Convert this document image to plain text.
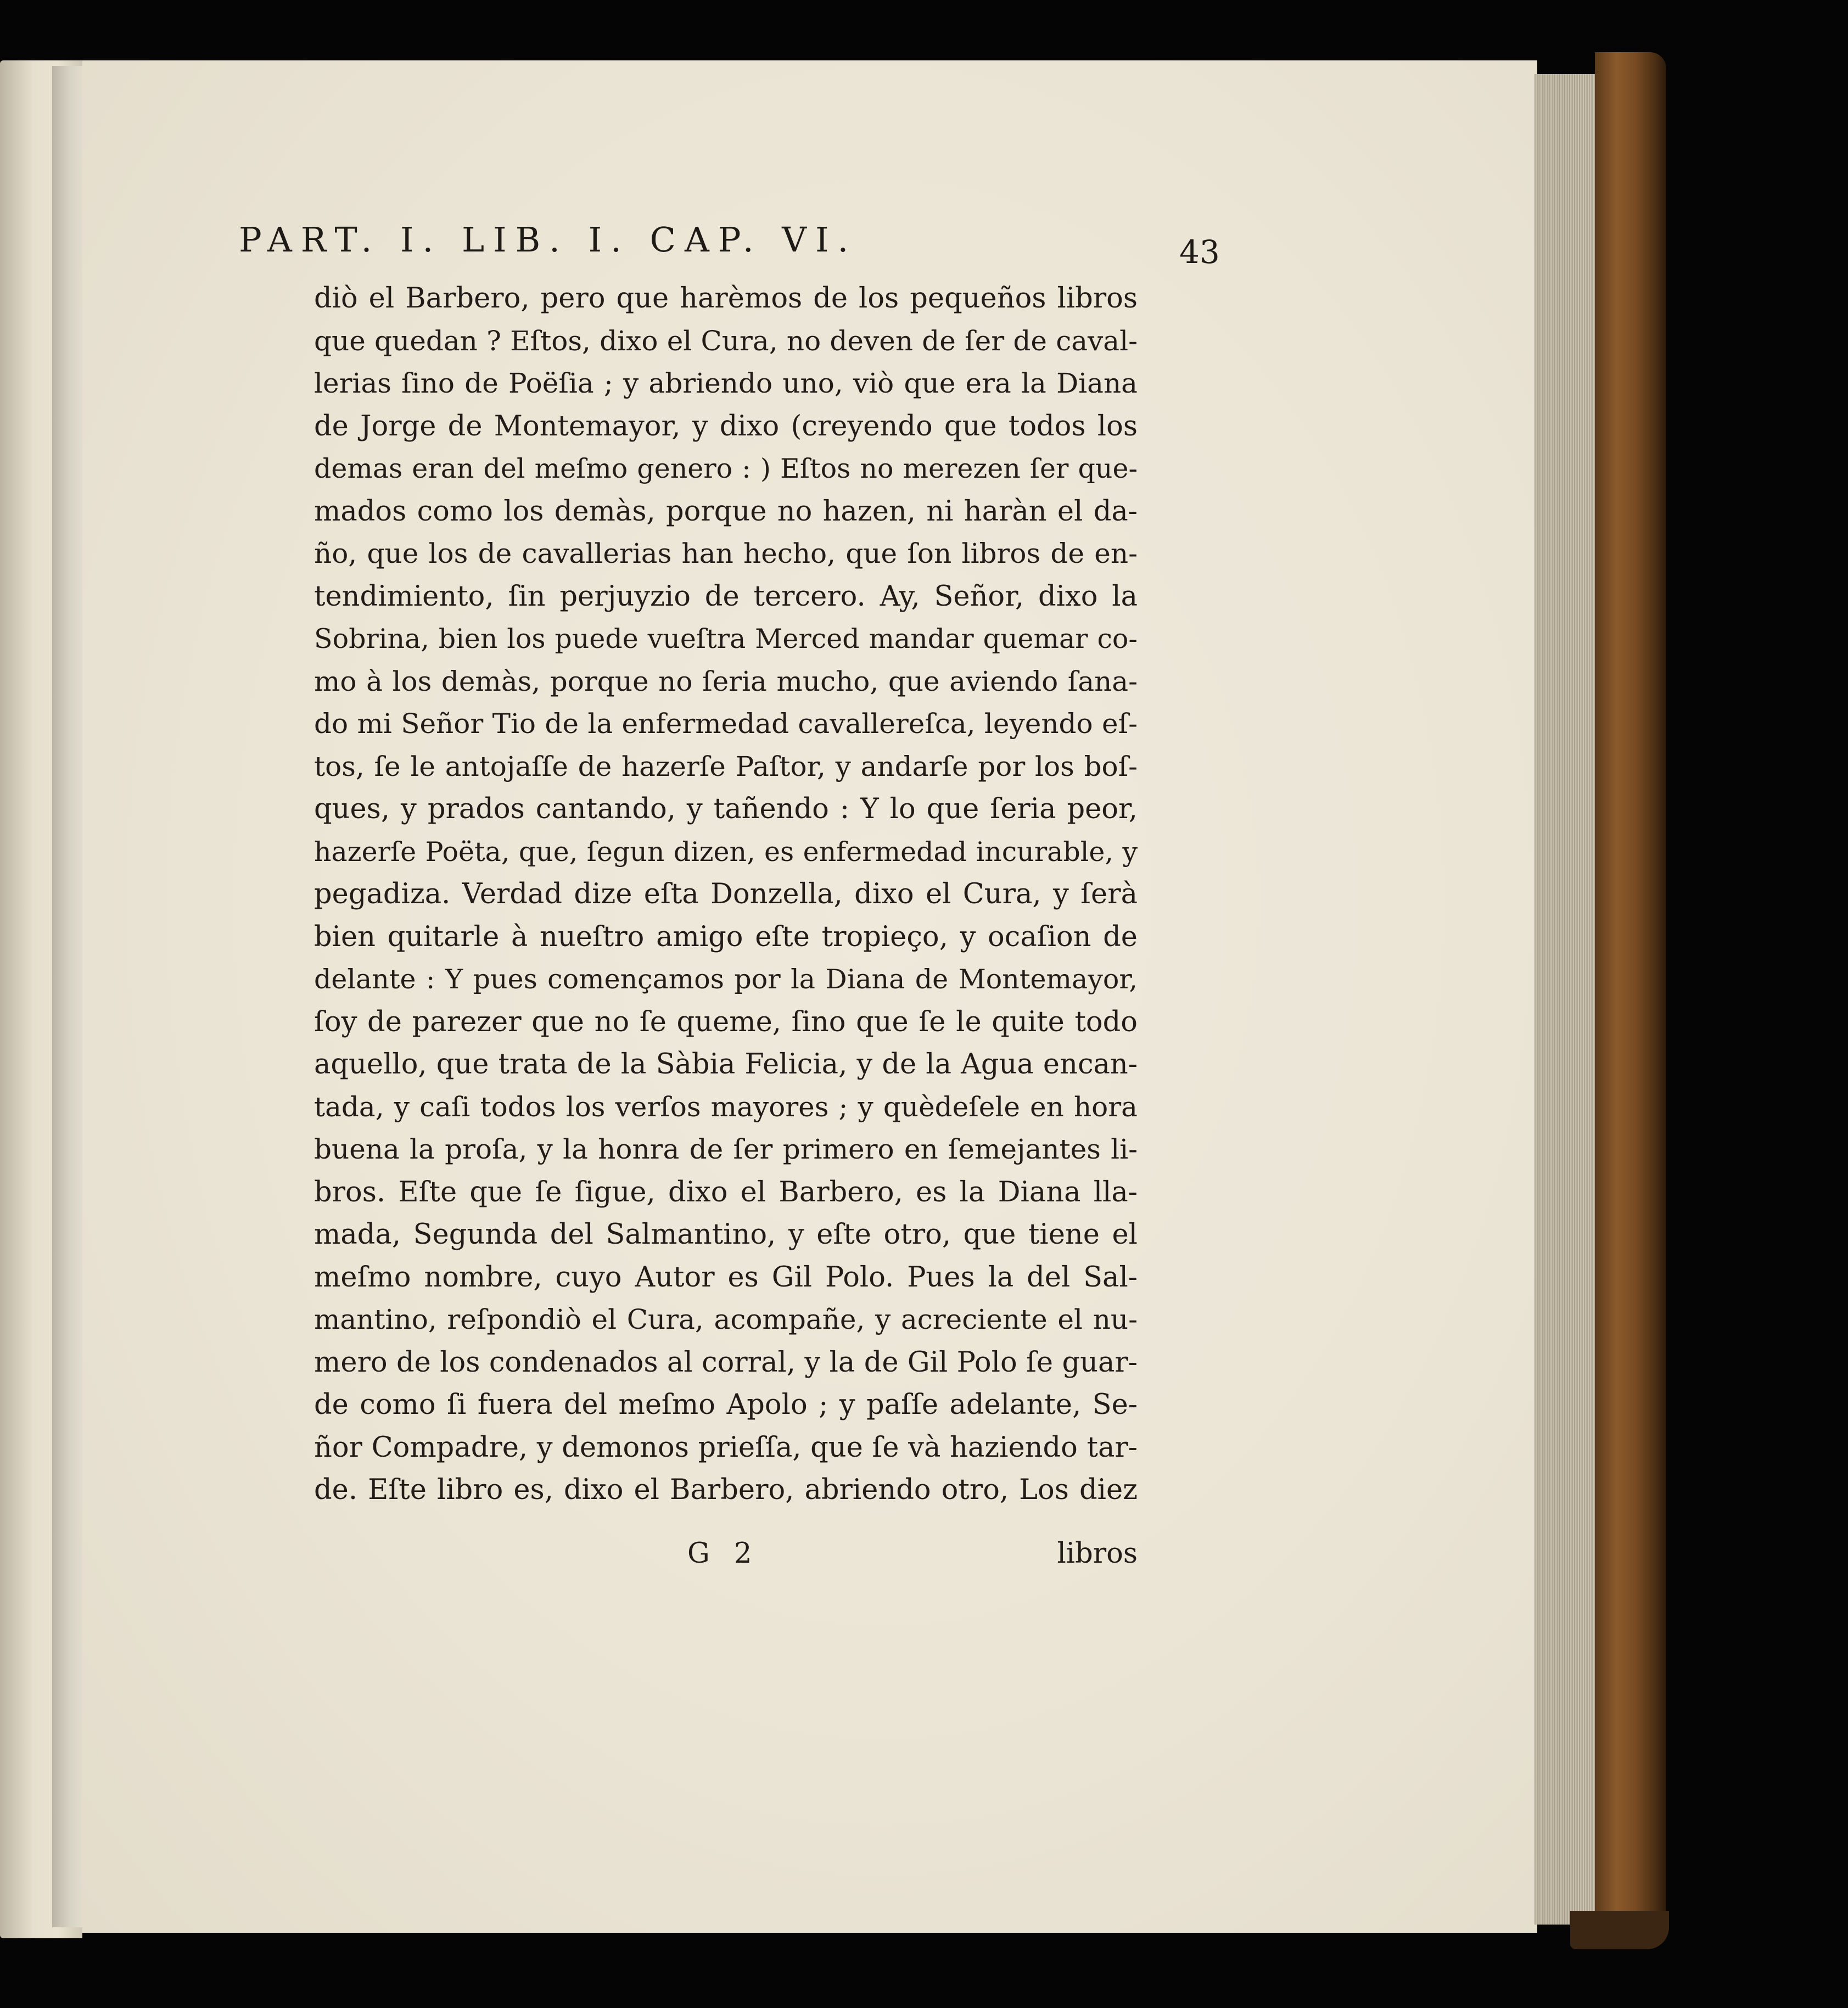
PART. I. LIB. I. CAP. VI.	43
diò el Barbero, pero que harèmos de los pequeños libros
que quedan ? Eſtos, dixo el Cura, no deven de ſer de caval-
lerias ſino de Poëſia ; y abriendo uno, viò que era la Diana
de Jorge de Montemayor, y dixo (creyendo que todos los
demas eran del meſmo genero : ) Eſtos no merezen ſer que-
mados como los demàs, porque no hazen, ni haràn el da-
ño, que los de cavallerias han hecho, que ſon libros de en-
tendimiento, ſin perjuyzio de tercero. Ay, Señor, dixo la
Sobrina, bien los puede vueſtra Merced mandar quemar co-
mo à los demàs, porque no ſeria mucho, que aviendo ſana-
do mi Señor Tio de la enfermedad cavallereſca, leyendo eſ-
tos, ſe le antojaſſe de hazerſe Paſtor, y andarſe por los boſ-
ques, y prados cantando, y tañendo : Y lo que ſeria peor,
hazerſe Poëta, que, ſegun dizen, es enfermedad incurable, y
pegadiza. Verdad dize eſta Donzella, dixo el Cura, y ſerà
bien quitarle à nueſtro amigo eſte tropieço, y ocaſion de
delante : Y pues començamos por la Diana de Montemayor,
ſoy de parezer que no ſe queme, ſino que ſe le quite todo
aquello, que trata de la Sàbia Felicia, y de la Agua encan-
tada, y caſi todos los verſos mayores ; y quèdeſele en hora
buena la proſa, y la honra de ſer primero en ſemejantes li-
bros. Eſte que ſe ſigue, dixo el Barbero, es la Diana lla-
mada, Segunda del Salmantino, y eſte otro, que tiene el
meſmo nombre, cuyo Autor es Gil Polo. Pues la del Sal-
mantino, reſpondiò el Cura, acompañe, y acreciente el nu-
mero de los condenados al corral, y la de Gil Polo ſe guar-
de como ſi fuera del meſmo Apolo ; y paſſe adelante, Se-
ñor Compadre, y demonos prieſſa, que ſe và haziendo tar-
de. Eſte libro es, dixo el Barbero, abriendo otro, Los diez
G 2	libros
